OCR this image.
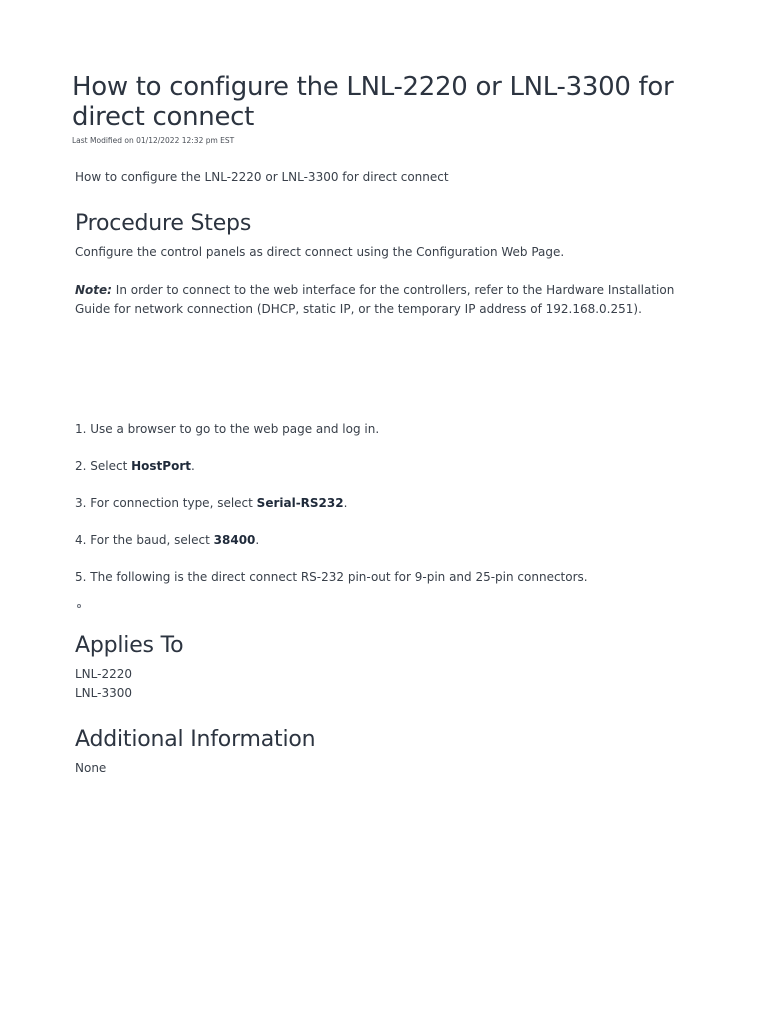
How to configure the LNL-2220 or LNL-3300 for direct connect
Last Modified on 01/12/2022 12:32 pm EST

How to configure the LNL-2220 or LNL-3300 for direct connect

Procedure Steps

Configure the control panels as direct connect using the Configuration Web Page.

Note: In order to connect to the web interface for the controllers, refer to the Hardware Installation Guide for network connection (DHCP, static IP, or the temporary IP address of 192.168.0.251).

1. Use a browser to go to the web page and log in.

2. Select HostPort.

3. For connection type, select Serial-RS232.

4. For the baud, select 38400.

5. The following is the direct connect RS-232 pin-out for 9-pin and 25-pin connectors.

Applies To
LNL-2220
LNL-3300
Additional Information

None
